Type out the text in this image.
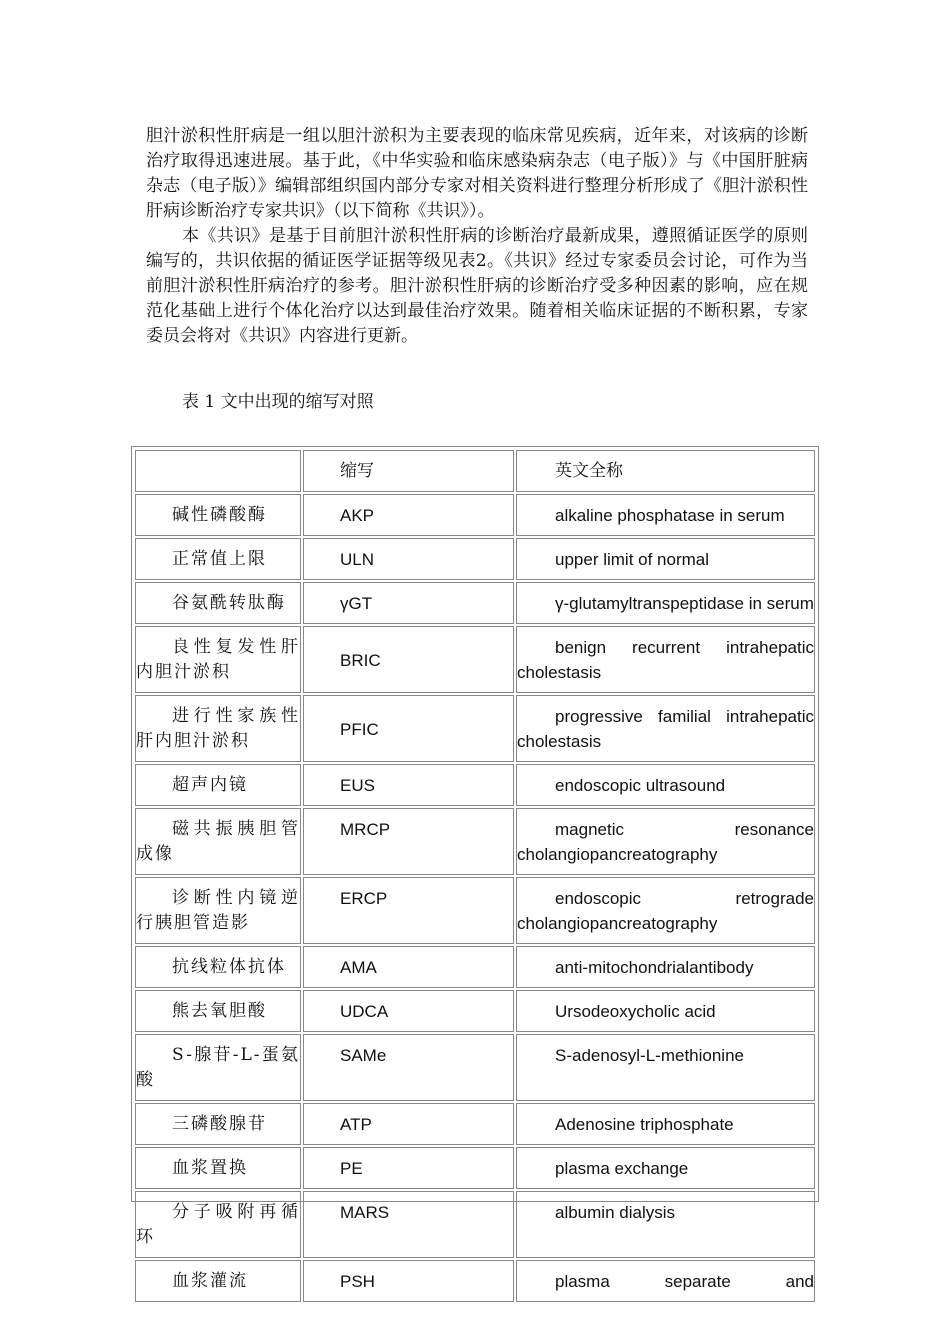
胆汁淤积性肝病是一组以胆汁淤积为主要表现的临床常见疾病，近年来，对该病的诊断治疗取得迅速进展。基于此，《中华实验和临床感染病杂志（电子版）》与《中国肝脏病杂志（电子版）》编辑部组织国内部分专家对相关资料进行整理分析形成了《胆汁淤积性肝病诊断治疗专家共识》（以下简称《共识》）。

本《共识》是基于目前胆汁淤积性肝病的诊断治疗最新成果，遵照循证医学的原则编写的，共识依据的循证医学证据等级见表2。《共识》经过专家委员会讨论，可作为当前胆汁淤积性肝病治疗的参考。胆汁淤积性肝病的诊断治疗受多种因素的影响，应在规范化基础上进行个体化治疗以达到最佳治疗效果。随着相关临床证据的不断积累，专家委员会将对《共识》内容进行更新。

表 1 文中出现的缩写对照
	缩写	英文全称
碱性磷酸酶	AKP	alkaline phosphatase in serum
正常值上限	ULN	upper limit of normal
谷氨酰转肽酶	γGT	γ-glutamyltranspeptidase in serum
良性复发性肝内胆汁淤积	BRIC	benign recurrent intrahepatic cholestasis
进行性家族性肝内胆汁淤积	PFIC	progressive familial intrahepatic cholestasis
超声内镜	EUS	endoscopic ultrasound
磁共振胰胆管成像	MRCP	magnetic resonance cholangiopancreatography
诊断性内镜逆行胰胆管造影	ERCP	endoscopic retrograde cholangiopancreatography
抗线粒体抗体	AMA	anti-mitochondrialantibody
熊去氧胆酸	UDCA	Ursodeoxycholic acid
S-腺苷-L-蛋氨酸	SAMe	S-adenosyl-L-methionine
三磷酸腺苷	ATP	Adenosine triphosphate
血浆置换	PE	plasma exchange
分子吸附再循环	MARS	albumin dialysis
血浆灌流	PSH	plasma separate and
